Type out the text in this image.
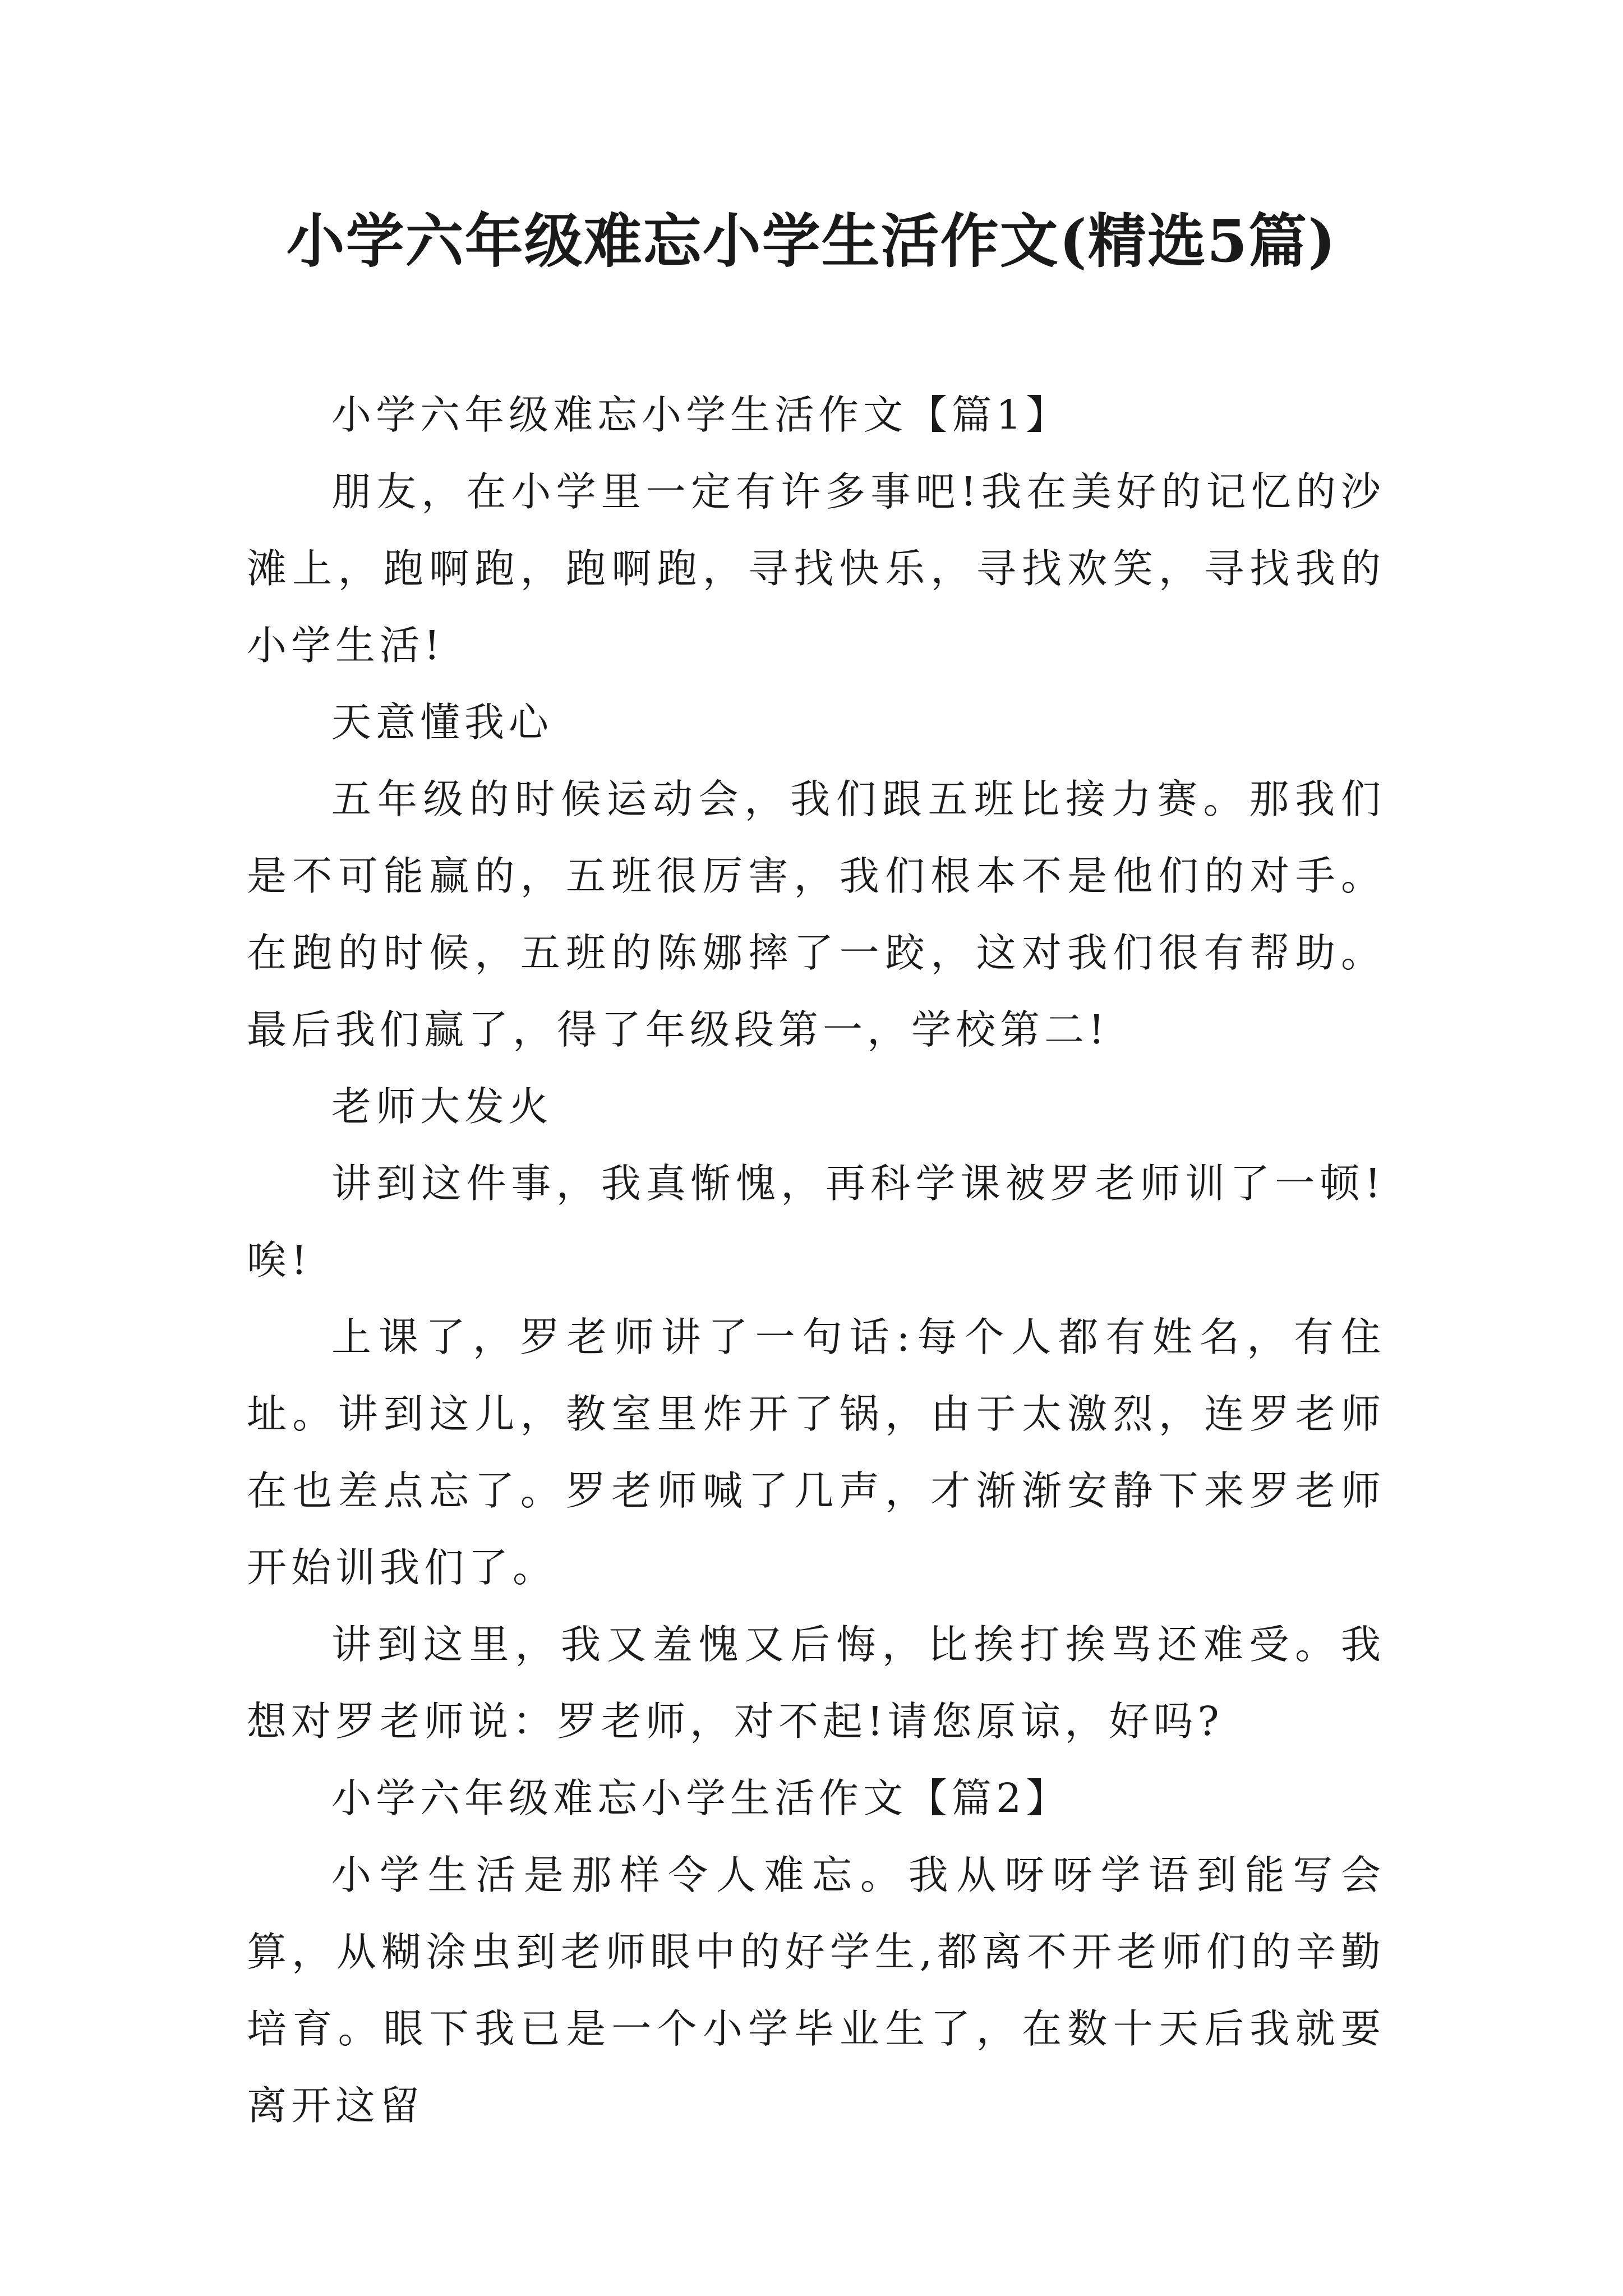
小学六年级难忘小学生活作文(精选5篇)

小学六年级难忘小学生活作文【篇1】

朋友，在小学里一定有许多事吧!我在美好的记忆的沙滩上，跑啊跑，跑啊跑，寻找快乐，寻找欢笑，寻找我的小学生活!

天意懂我心

五年级的时候运动会，我们跟五班比接力赛。那我们是不可能赢的，五班很厉害，我们根本不是他们的对手。在跑的时候，五班的陈娜摔了一跤，这对我们很有帮助。最后我们赢了，得了年级段第一，学校第二!

老师大发火

讲到这件事，我真惭愧，再科学课被罗老师训了一顿!唉!

上课了，罗老师讲了一句话:每个人都有姓名，有住址。讲到这儿，教室里炸开了锅，由于太激烈，连罗老师在也差点忘了。罗老师喊了几声，才渐渐安静下来罗老师开始训我们了。

讲到这里，我又羞愧又后悔，比挨打挨骂还难受。我想对罗老师说：罗老师，对不起!请您原谅，好吗?

小学六年级难忘小学生活作文【篇2】

小学生活是那样令人难忘。我从呀呀学语到能写会算，从糊涂虫到老师眼中的好学生,都离不开老师们的辛勤培育。眼下我已是一个小学毕业生了，在数十天后我就要离开这留
